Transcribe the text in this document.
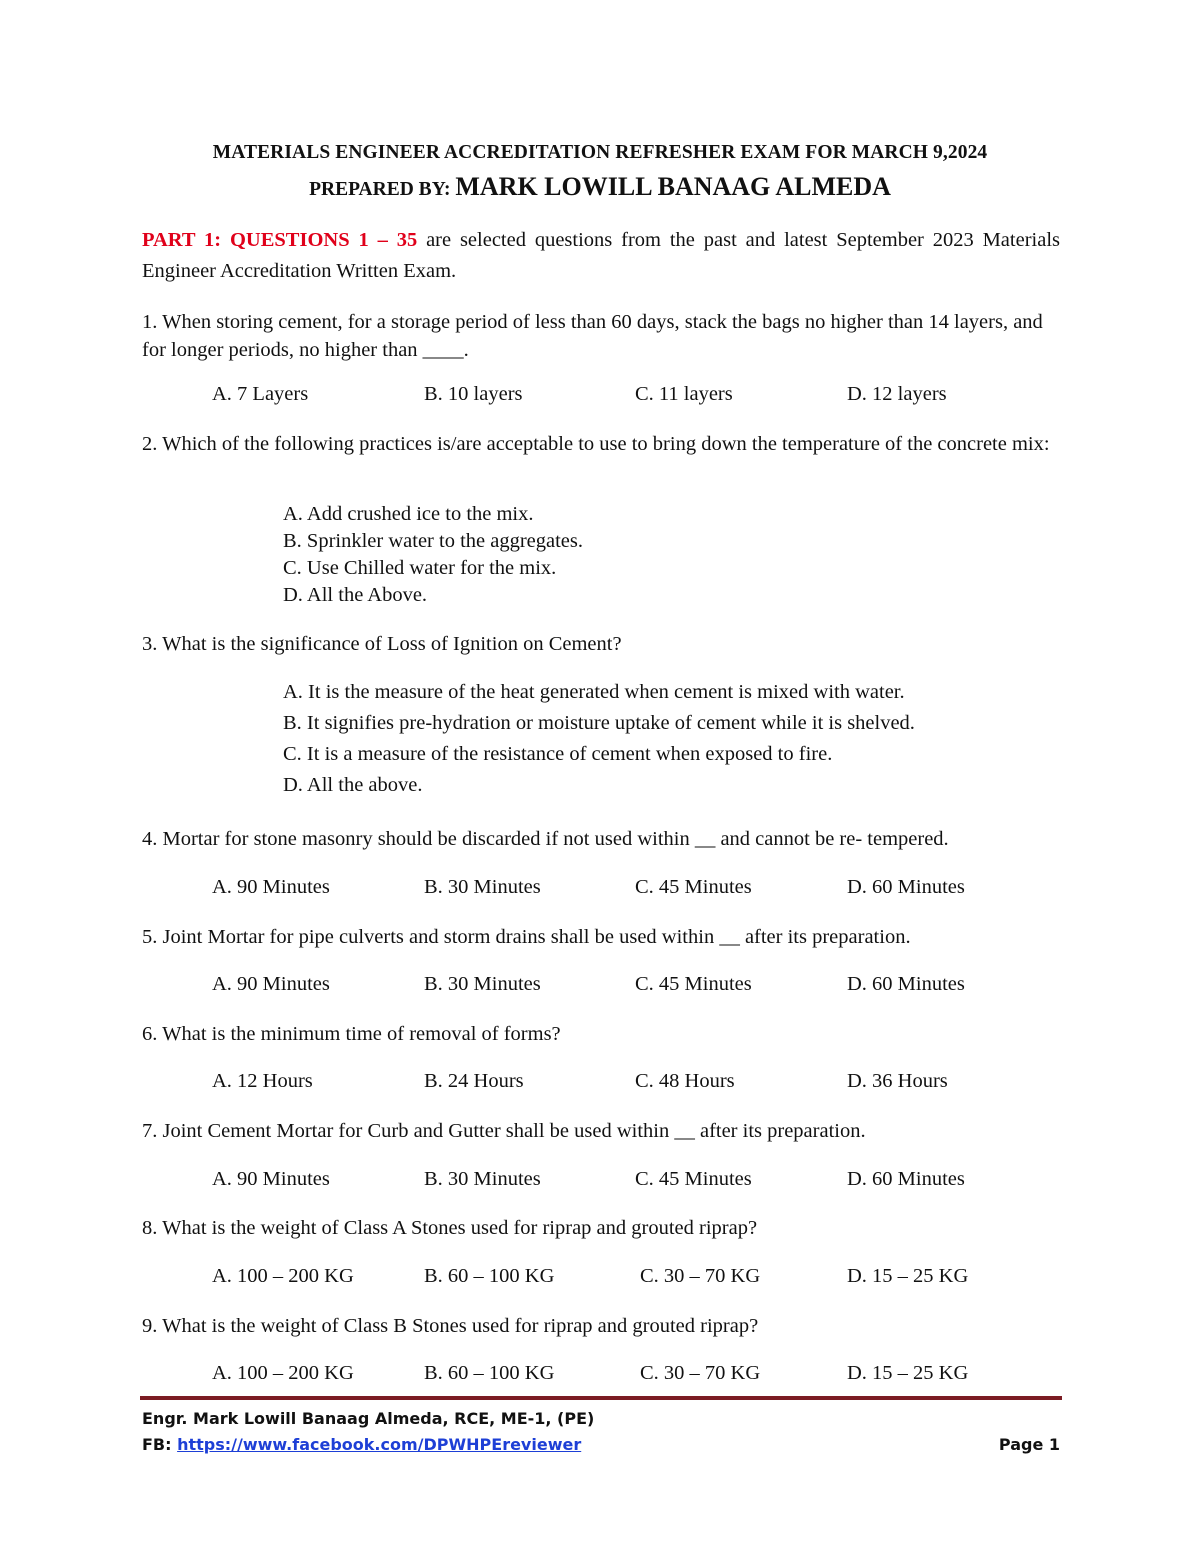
MATERIALS ENGINEER ACCREDITATION REFRESHER EXAM FOR MARCH 9,2024
PREPARED BY: MARK LOWILL BANAAG ALMEDA
PART 1: QUESTIONS 1 – 35 are selected questions from the past and latest September 2023 Materials Engineer Accreditation Written Exam.
1. When storing cement, for a storage period of less than 60 days, stack the bags no higher than 14 layers, and for longer periods, no higher than ____.
A. 7 Layers	B. 10 layers	C. 11 layers	D. 12 layers
2. Which of the following practices is/are acceptable to use to bring down the temperature of the concrete mix:
A. Add crushed ice to the mix.
B. Sprinkler water to the aggregates.
C. Use Chilled water for the mix.
D. All the Above.
3. What is the significance of Loss of Ignition on Cement?
A. It is the measure of the heat generated when cement is mixed with water.
B. It signifies pre-hydration or moisture uptake of cement while it is shelved.
C. It is a measure of the resistance of cement when exposed to fire.
D. All the above.
4. Mortar for stone masonry should be discarded if not used within __ and cannot be re- tempered.
A. 90 Minutes	B. 30 Minutes	C. 45 Minutes	D. 60 Minutes
5. Joint Mortar for pipe culverts and storm drains shall be used within __ after its preparation.
A. 90 Minutes	B. 30 Minutes	C. 45 Minutes	D. 60 Minutes
6. What is the minimum time of removal of forms?
A. 12 Hours	B. 24 Hours	C. 48 Hours	D. 36 Hours
7. Joint Cement Mortar for Curb and Gutter shall be used within __ after its preparation.
A. 90 Minutes	B. 30 Minutes	C. 45 Minutes	D. 60 Minutes
8. What is the weight of Class A Stones used for riprap and grouted riprap?
A. 100 – 200 KG	B. 60 – 100 KG	C. 30 – 70 KG	D. 15 – 25 KG
9. What is the weight of Class B Stones used for riprap and grouted riprap?
A. 100 – 200 KG	B. 60 – 100 KG	C. 30 – 70 KG	D. 15 – 25 KG
Engr. Mark Lowill Banaag Almeda, RCE, ME-1, (PE)
FB: https://www.facebook.com/DPWHPEreviewer	Page 1
